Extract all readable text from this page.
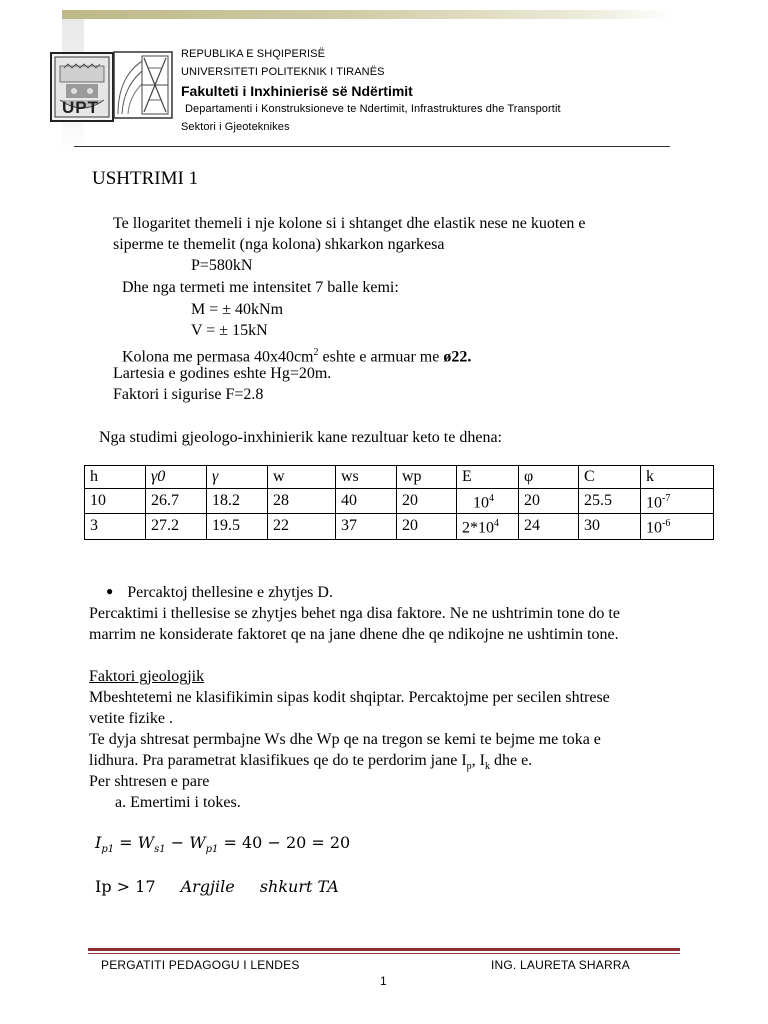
UPT
REPUBLIKA E SHQIPERISË
UNIVERSITETI POLITEKNIK I TIRANËS
Fakulteti i Inxhinierisë së Ndërtimit
Departamenti i Konstruksioneve te Ndertimit, Infrastruktures dhe Transportit
Sektori i Gjeoteknikes
USHTRIMI 1
Te llogaritet themeli i nje kolone si i shtanget dhe elastik nese ne kuoten e
siperme te themelit (nga kolona) shkarkon ngarkesa
P=580kN
Dhe nga termeti me intensitet 7 balle kemi:
M = ± 40kNm
V = ± 15kN
Kolona me permasa $40x40cm^2$ eshte e armuar me ø22.
Lartesia e godines eshte Hg=20m.
Faktori i sigurise F=2.8
Nga studimi gjeologo-inxhinierik kane rezultuar keto te dhena:
h	γ0	γ	w	ws	wp	E	φ	C	k
10	26.7	18.2	28	40	20	$10^4$	20	25.5	$10^{-7}$
3	27.2	19.5	22	37	20	$2*10^4$	24	30	$10^{-6}$
● Percaktoj thellesine e zhytjes D.
Percaktimi i thellesise se zhytjes behet nga disa faktore. Ne ne ushtrimin tone do te
marrim ne konsiderate faktoret qe na jane dhene dhe qe ndikojne ne ushtimin tone.
Faktori gjeologjik
Mbeshtetemi ne klasifikimin sipas kodit shqiptar. Percaktojme per secilen shtrese
vetite fizike .
Te dyja shtresat permbajne Ws dhe Wp qe na tregon se kemi te bejme me toka e
lidhura. Pra parametrat klasifikues qe do te perdorim jane $I_p$, $I_k$ dhe e.
Per shtresen e pare
a. Emertimi i tokes.
$I_{p1} = W_{s1} - W_{p1} = 40 - 20 = 20$
Ip > 17 Argjile shkurt TA
PERGATITI PEDAGOGU I LENDES	ING. LAURETA SHARRA
1
